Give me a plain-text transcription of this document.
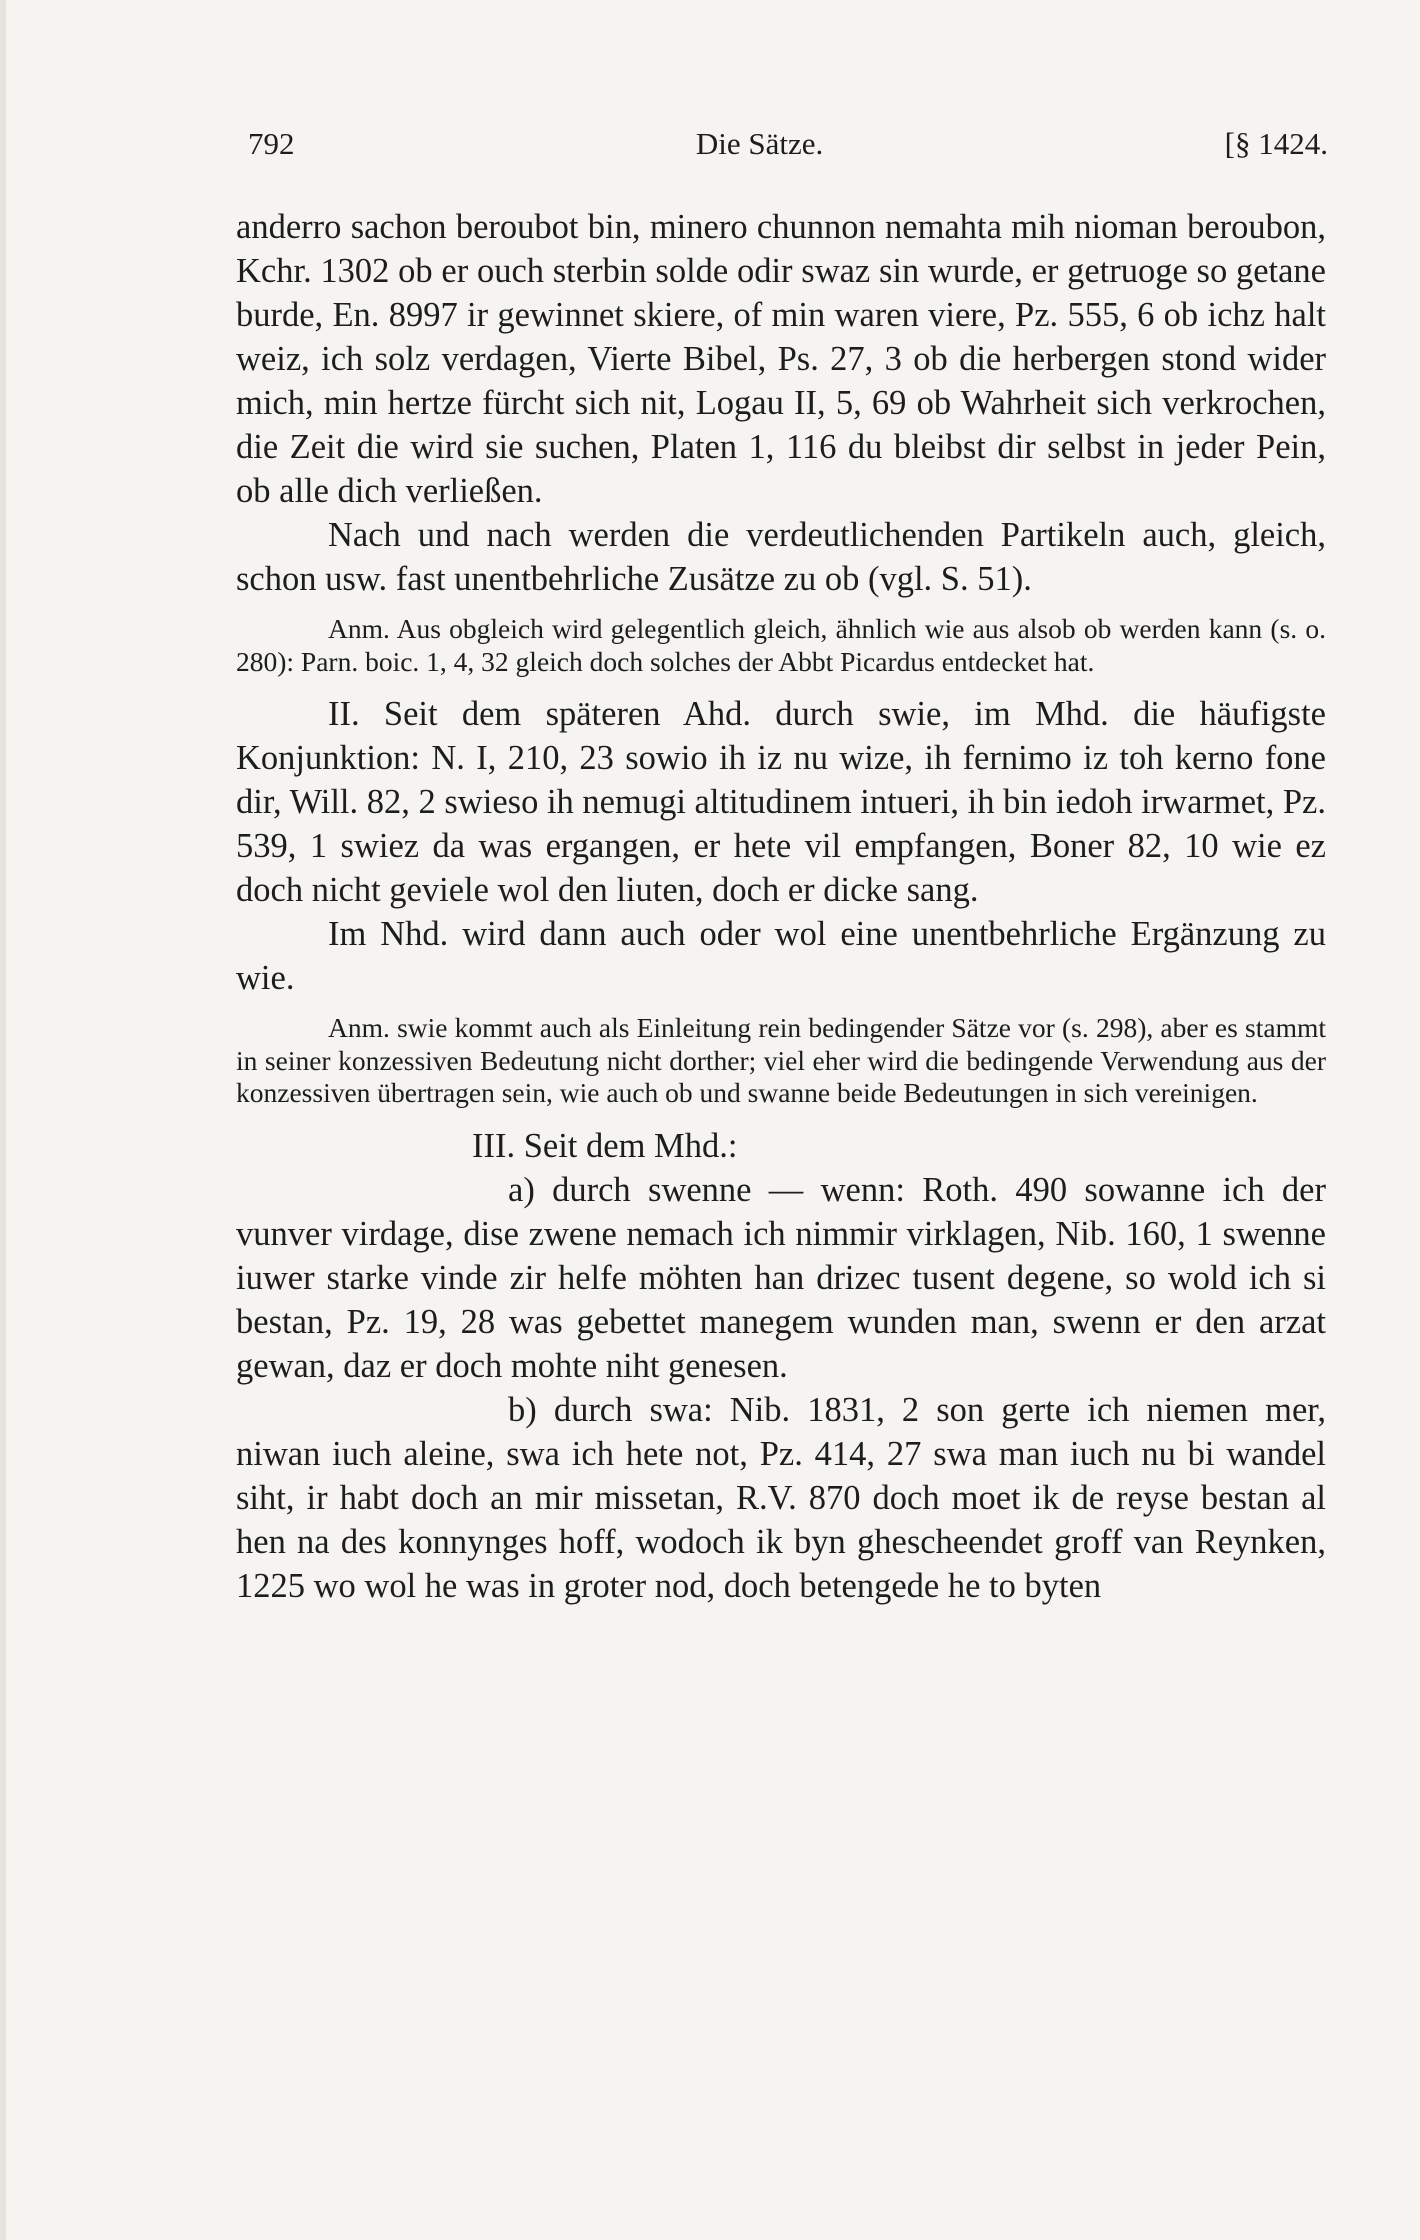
792	Die Sätze.	[§ 1424.

anderro sachon beroubot bin, minero chunnon nemahta mih nioman beroubon, Kchr. 1302 ob er ouch sterbin solde odir swaz sin wurde, er getruoge so getane burde, En. 8997 ir gewinnet skiere, of min waren viere, Pz. 555, 6 ob ichz halt weiz, ich solz verdagen, Vierte Bibel, Ps. 27, 3 ob die herbergen stond wider mich, min hertze fürcht sich nit, Logau II, 5, 69 ob Wahrheit sich verkrochen, die Zeit die wird sie suchen, Platen 1, 116 du bleibst dir selbst in jeder Pein, ob alle dich verließen.

Nach und nach werden die verdeutlichenden Partikeln auch, gleich, schon usw. fast unentbehrliche Zusätze zu ob (vgl. S. 51).

Anm. Aus obgleich wird gelegentlich gleich, ähnlich wie aus alsob ob werden kann (s. o. 280): Parn. boic. 1, 4, 32 gleich doch solches der Abbt Picardus entdecket hat.

II. Seit dem späteren Ahd. durch swie, im Mhd. die häufigste Konjunktion: N. I, 210, 23 sowio ih iz nu wize, ih fernimo iz toh kerno fone dir, Will. 82, 2 swieso ih nemugi altitudinem intueri, ih bin iedoh irwarmet, Pz. 539, 1 swiez da was ergangen, er hete vil empfangen, Boner 82, 10 wie ez doch nicht geviele wol den liuten, doch er dicke sang.

Im Nhd. wird dann auch oder wol eine unentbehrliche Ergänzung zu wie.

Anm. swie kommt auch als Einleitung rein bedingender Sätze vor (s. 298), aber es stammt in seiner konzessiven Bedeutung nicht dorther; viel eher wird die bedingende Verwendung aus der konzessiven übertragen sein, wie auch ob und swanne beide Bedeutungen in sich vereinigen.

III. Seit dem Mhd.:

a) durch swenne — wenn: Roth. 490 sowanne ich der vunver virdage, dise zwene nemach ich nimmir virklagen, Nib. 160, 1 swenne iuwer starke vinde zir helfe möhten han drizec tusent degene, so wold ich si bestan, Pz. 19, 28 was gebettet manegem wunden man, swenn er den arzat gewan, daz er doch mohte niht genesen.

b) durch swa: Nib. 1831, 2 son gerte ich niemen mer, niwan iuch aleine, swa ich hete not, Pz. 414, 27 swa man iuch nu bi wandel siht, ir habt doch an mir missetan, R.V. 870 doch moet ik de reyse bestan al hen na des konnynges hoff, wodoch ik byn ghescheendet groff van Reynken, 1225 wo wol he was in groter nod, doch betengede he to byten
